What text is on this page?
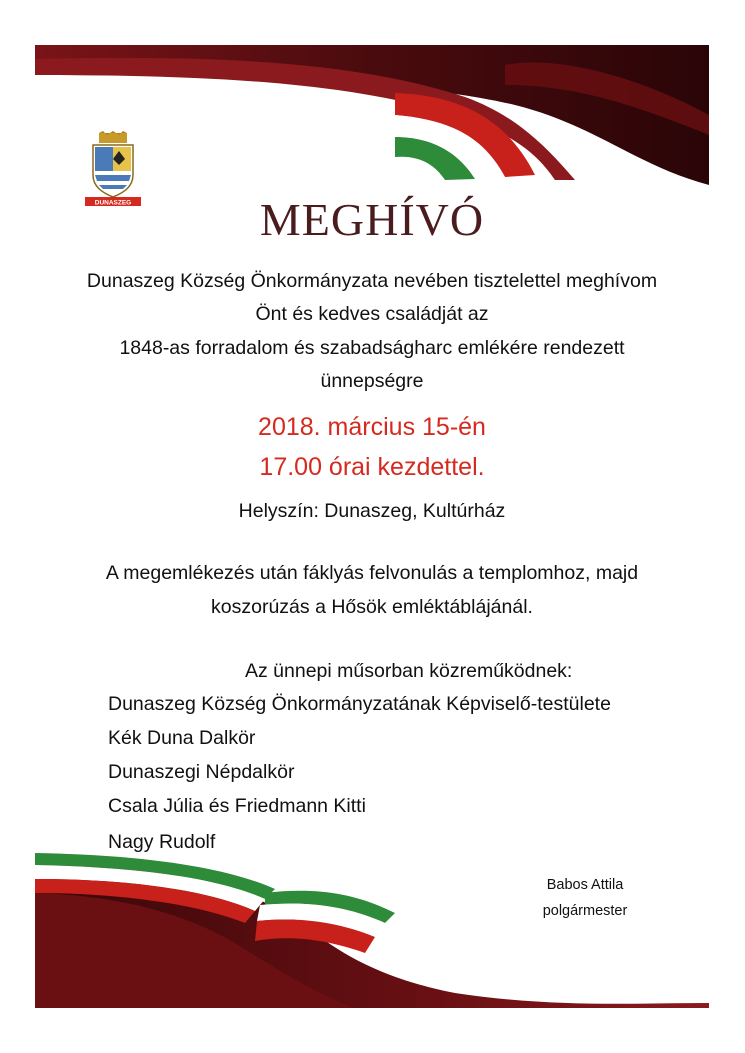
DUNASZEG	MEGHÍVÓ
Dunaszeg Község Önkormányzata nevében tisztelettel meghívom
Önt és kedves családját az
1848-as forradalom és szabadságharc emlékére rendezett
ünnepségre
2018. március 15-én
17.00 órai kezdettel.
Helyszín: Dunaszeg, Kultúrház
A megemlékezés után fáklyás felvonulás a templomhoz, majd
koszorúzás a Hősök emléktáblájánál.
Az ünnepi műsorban közreműködnek:
Dunaszeg Község Önkormányzatának Képviselő-testülete
Kék Duna Dalkör
Dunaszegi Népdalkör
Csala Júlia és Friedmann Kitti
Nagy Rudolf
Babos Attila
polgármester
